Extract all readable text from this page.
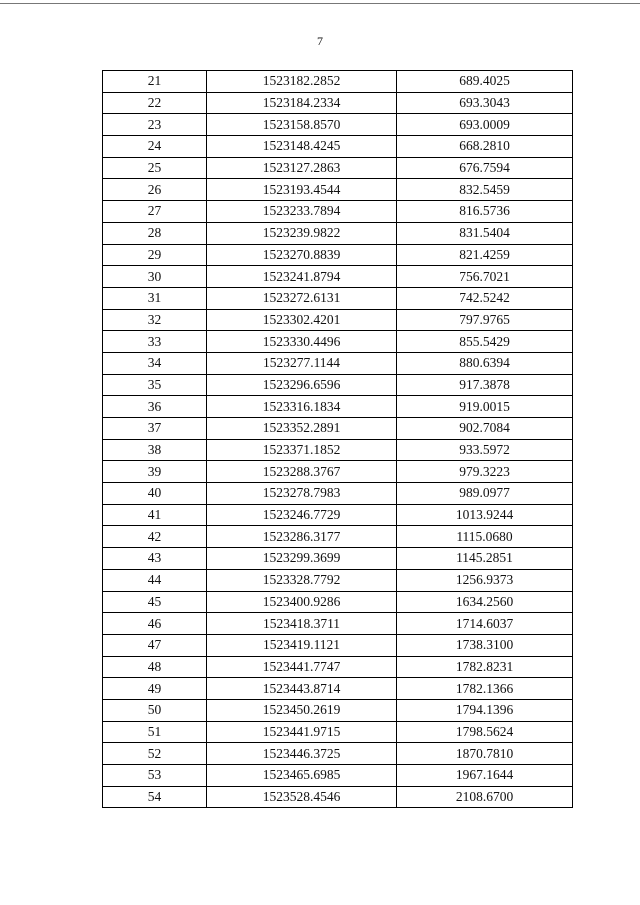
7
21	1523182.2852	689.4025
22	1523184.2334	693.3043
23	1523158.8570	693.0009
24	1523148.4245	668.2810
25	1523127.2863	676.7594
26	1523193.4544	832.5459
27	1523233.7894	816.5736
28	1523239.9822	831.5404
29	1523270.8839	821.4259
30	1523241.8794	756.7021
31	1523272.6131	742.5242
32	1523302.4201	797.9765
33	1523330.4496	855.5429
34	1523277.1144	880.6394
35	1523296.6596	917.3878
36	1523316.1834	919.0015
37	1523352.2891	902.7084
38	1523371.1852	933.5972
39	1523288.3767	979.3223
40	1523278.7983	989.0977
41	1523246.7729	1013.9244
42	1523286.3177	1115.0680
43	1523299.3699	1145.2851
44	1523328.7792	1256.9373
45	1523400.9286	1634.2560
46	1523418.3711	1714.6037
47	1523419.1121	1738.3100
48	1523441.7747	1782.8231
49	1523443.8714	1782.1366
50	1523450.2619	1794.1396
51	1523441.9715	1798.5624
52	1523446.3725	1870.7810
53	1523465.6985	1967.1644
54	1523528.4546	2108.6700
